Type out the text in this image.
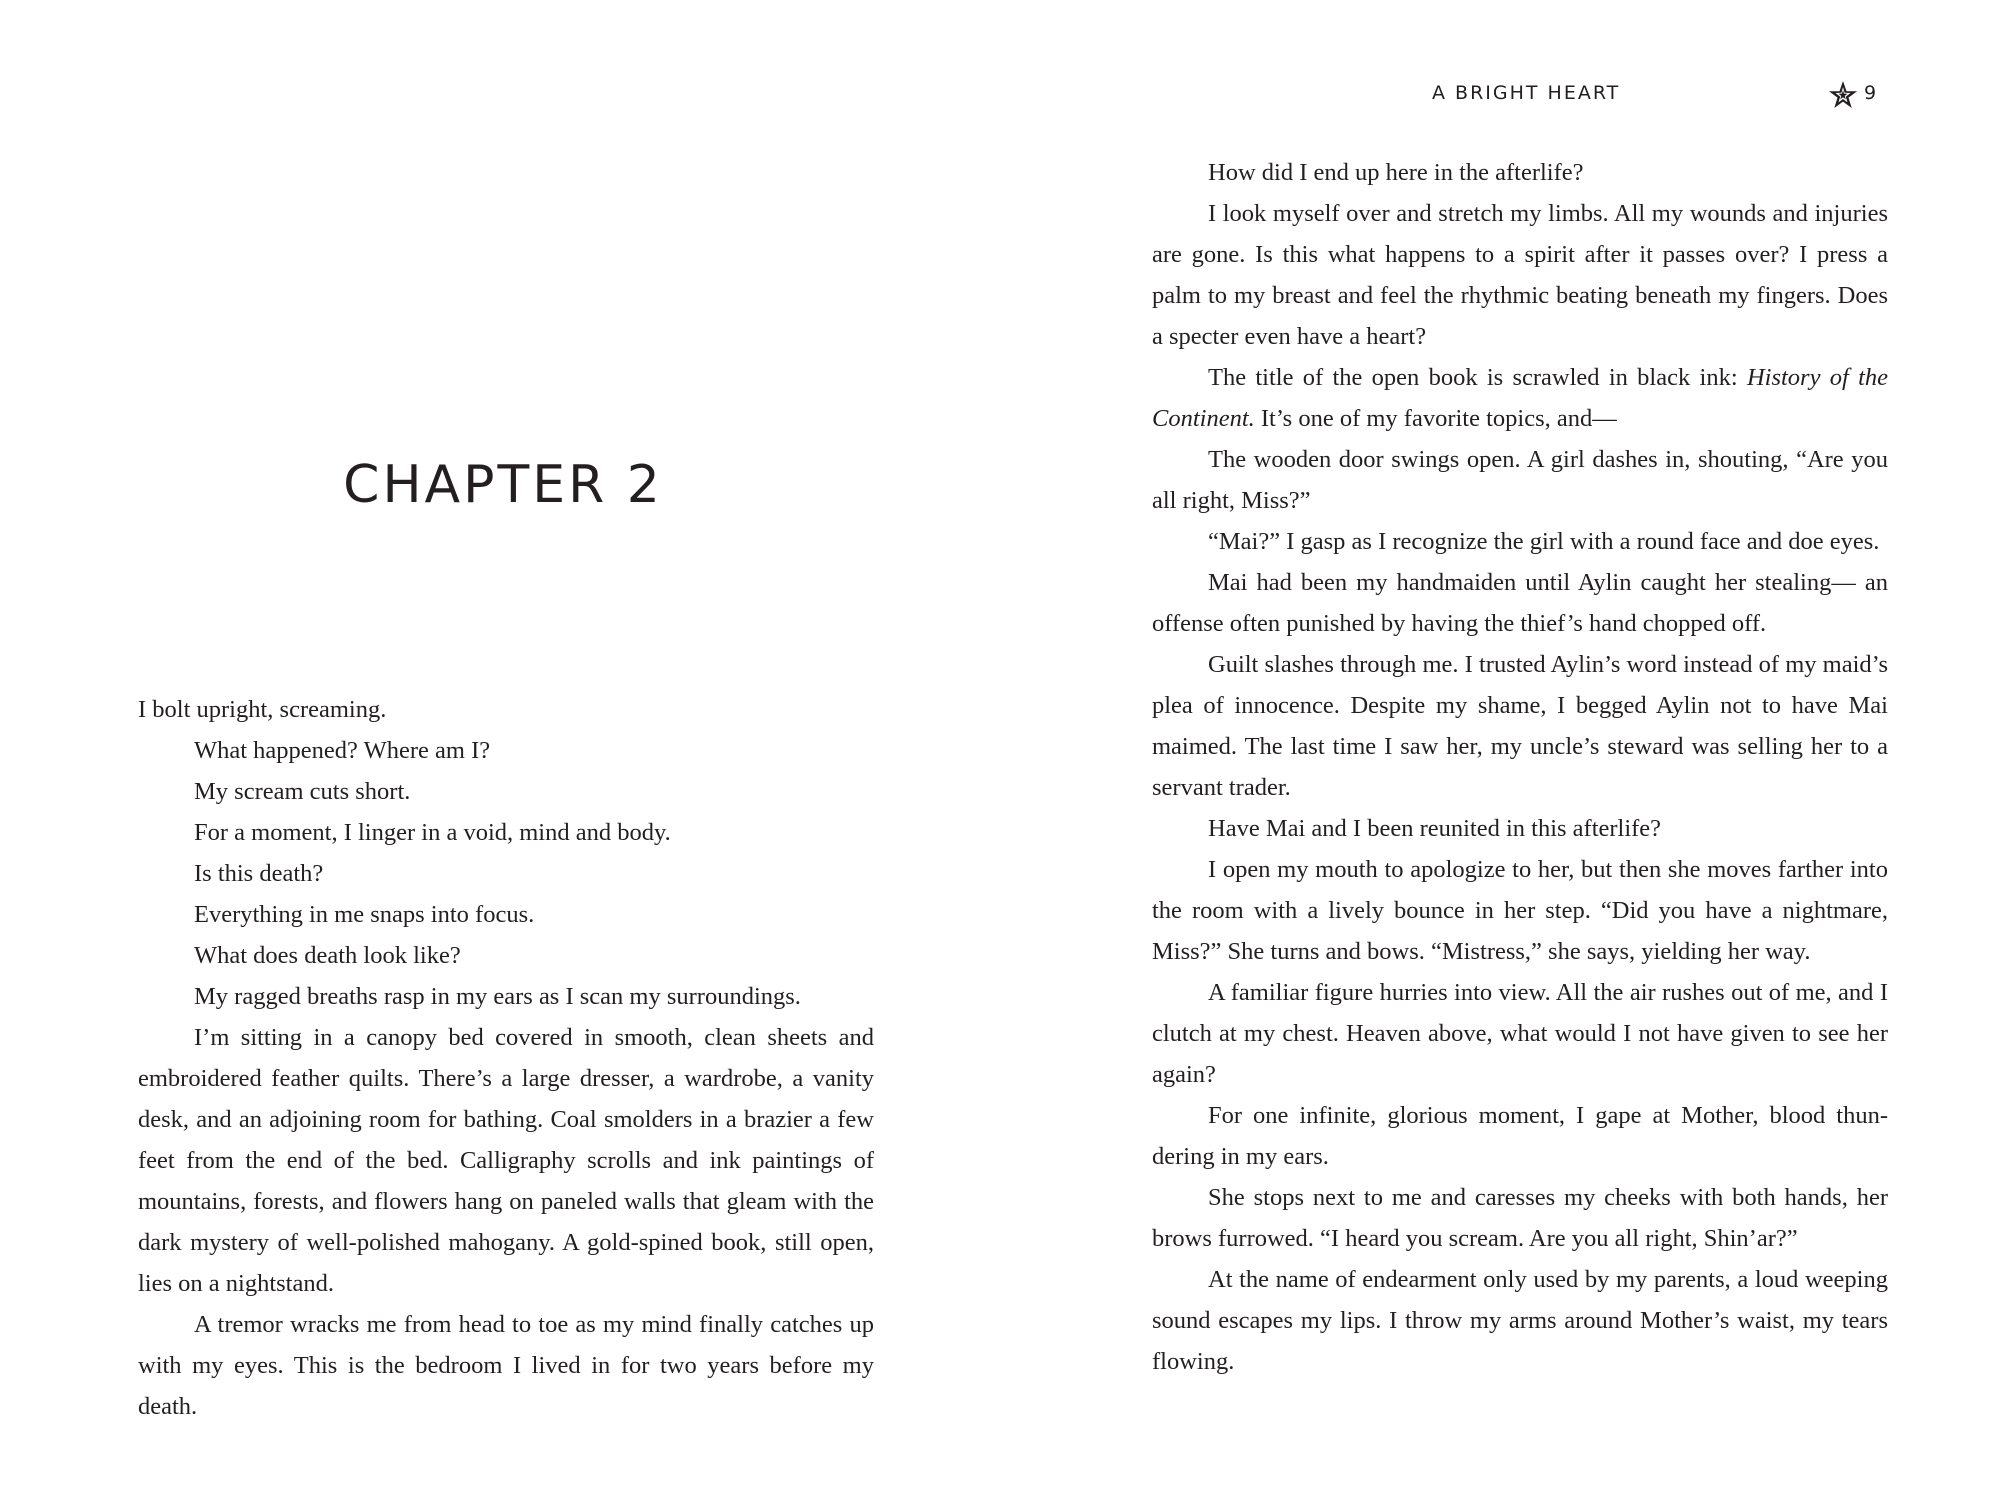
CHAPTER 2

I bolt upright, screaming.

What happened? Where am I?

My scream cuts short.

For a moment, I linger in a void, mind and body.

Is this death?

Everything in me snaps into focus.

What does death look like?

My ragged breaths rasp in my ears as I scan my surroundings.

I’m sitting in a canopy bed covered in smooth, clean sheets and embroidered feather quilts. There’s a large dresser, a wardrobe, a vanity desk, and an adjoining room for bathing. Coal smolders in a brazier a few feet from the end of the bed. Calligraphy scrolls and ink paintings of mountains, forests, and flowers hang on paneled walls that gleam with the dark mystery of well-polished mahogany. A gold-spined book, still open, lies on a nightstand.

A tremor wracks me from head to toe as my mind finally catches up with my eyes. This is the bedroom I lived in for two years before my death.

A BRIGHT HEART	9

How did I end up here in the afterlife?

I look myself over and stretch my limbs. All my wounds and injuries are gone. Is this what happens to a spirit after it passes over? I press a palm to my breast and feel the rhythmic beating beneath my fingers. Does a specter even have a heart?

The title of the open book is scrawled in black ink: History of the Continent. It’s one of my favorite topics, and—

The wooden door swings open. A girl dashes in, shouting, “Are you all right, Miss?”

“Mai?” I gasp as I recognize the girl with a round face and doe eyes.

Mai had been my handmaiden until Aylin caught her stealing— an offense often punished by having the thief’s hand chopped off.

Guilt slashes through me. I trusted Aylin’s word instead of my maid’s plea of innocence. Despite my shame, I begged Aylin not to have Mai maimed. The last time I saw her, my uncle’s steward was selling her to a servant trader.

Have Mai and I been reunited in this afterlife?

I open my mouth to apologize to her, but then she moves farther into the room with a lively bounce in her step. “Did you have a nightmare, Miss?” She turns and bows. “Mistress,” she says, yielding her way.

A familiar figure hurries into view. All the air rushes out of me, and I clutch at my chest. Heaven above, what would I not have given to see her again?

For one infinite, glorious moment, I gape at Mother, blood thundering in my ears.

She stops next to me and caresses my cheeks with both hands, her brows furrowed. “I heard you scream. Are you all right, Shin’ar?”

At the name of endearment only used by my parents, a loud weeping sound escapes my lips. I throw my arms around Mother’s waist, my tears flowing.
